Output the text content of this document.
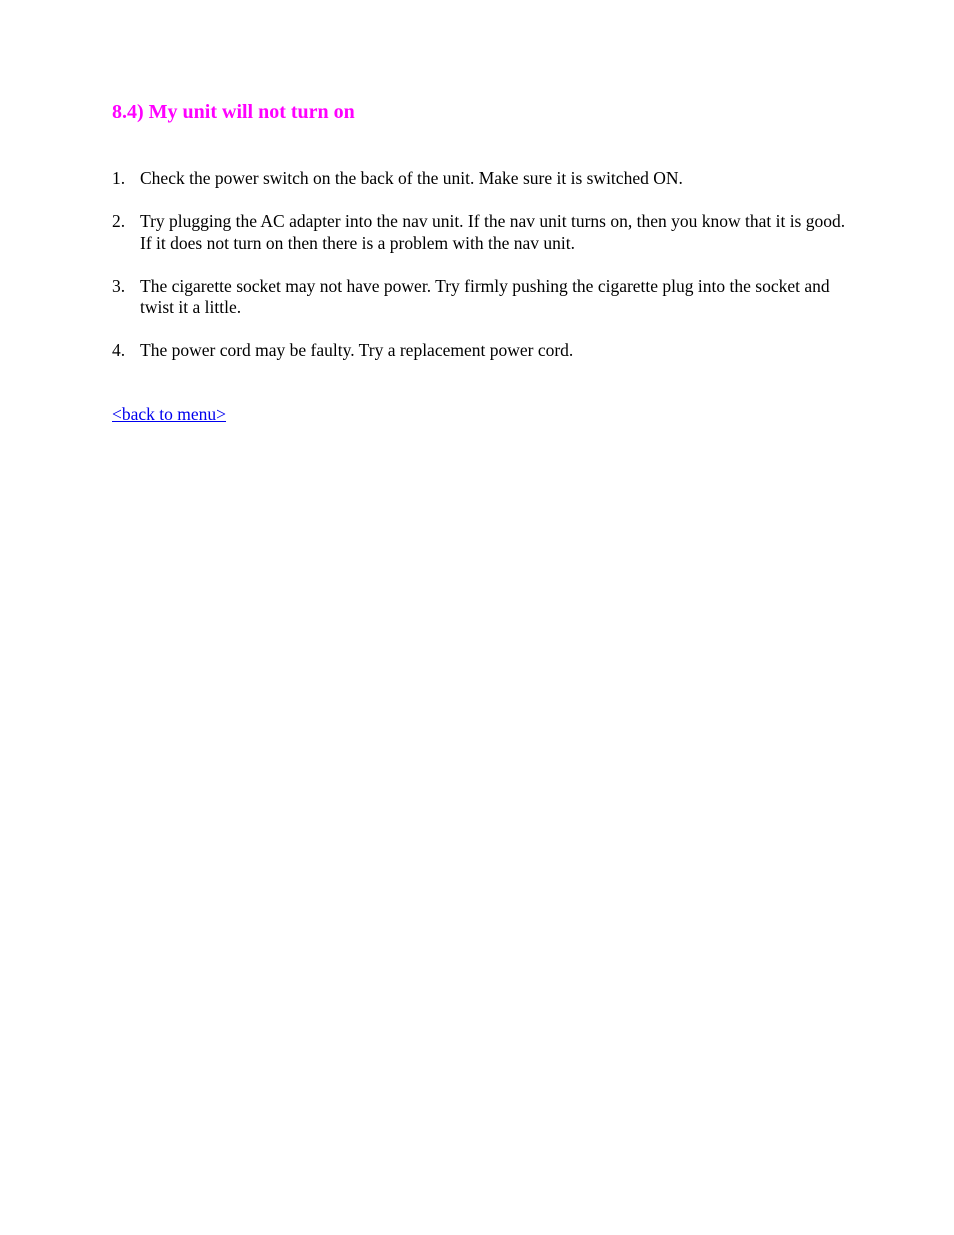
8.4) My unit will not turn on
1. Check the power switch on the back of the unit. Make sure it is switched ON.
2. Try plugging the AC adapter into the nav unit. If the nav unit turns on, then you know that it is good. If it does not turn on then there is a problem with the nav unit.
3. The cigarette socket may not have power. Try firmly pushing the cigarette plug into the socket and twist it a little.
4. The power cord may be faulty. Try a replacement power cord.
<back to menu>
